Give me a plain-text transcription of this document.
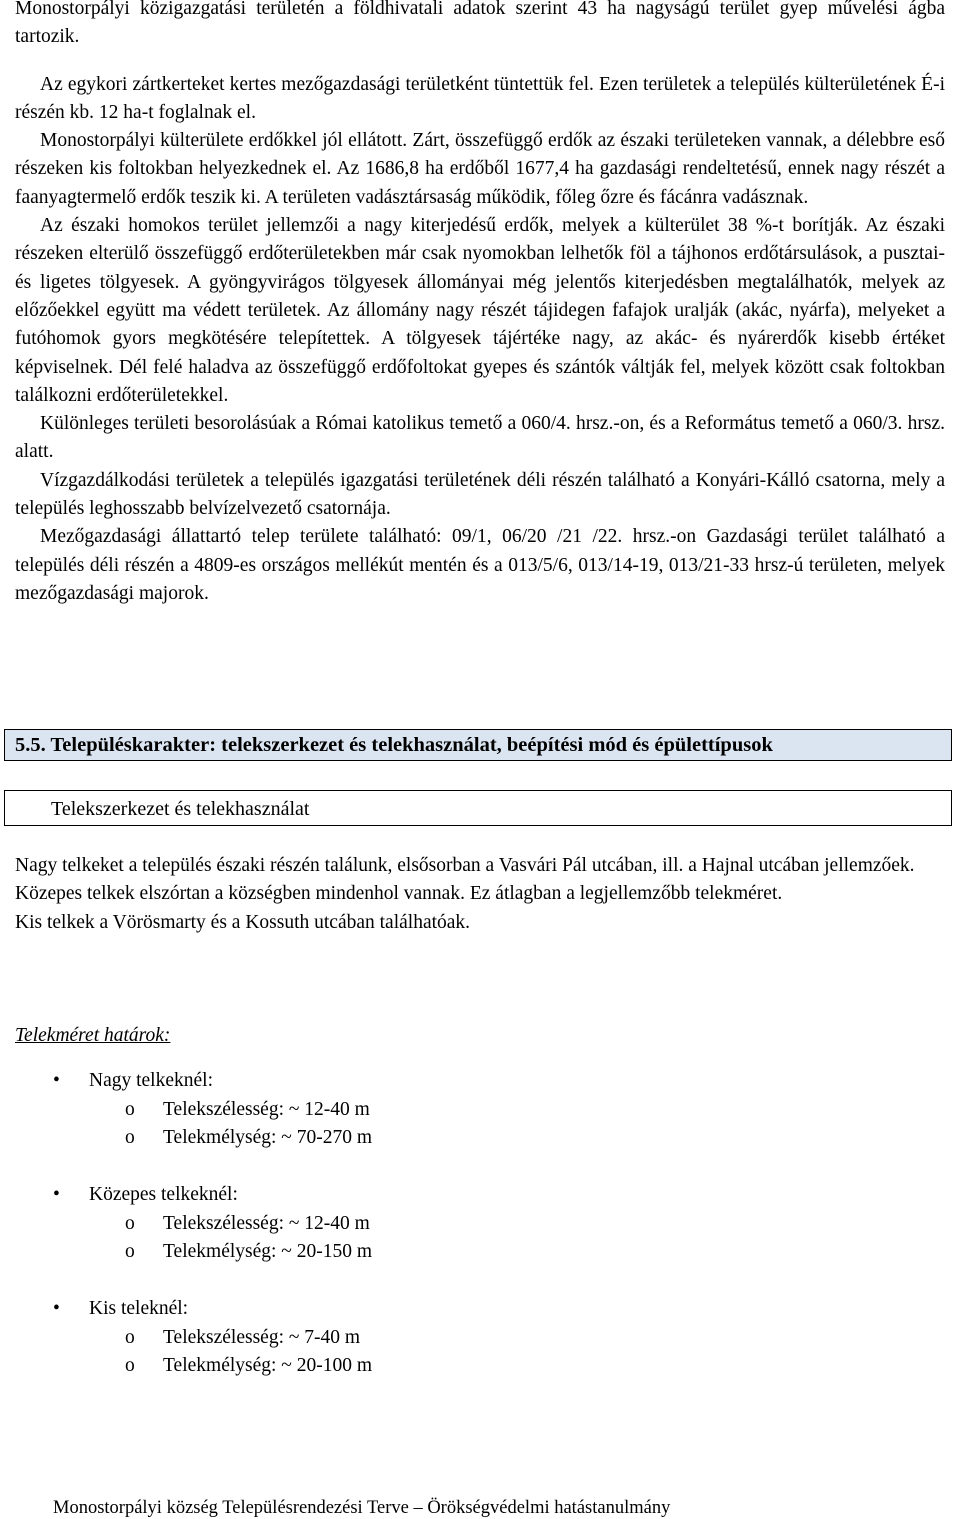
Monostorpályi közigazgatási területén a földhivatali adatok szerint 43 ha nagyságú terület gyep művelési ágba tartozik.

Az egykori zártkerteket kertes mezőgazdasági területként tüntettük fel. Ezen területek a település külterületének É-i részén kb. 12 ha-t foglalnak el.

Monostorpályi külterülete erdőkkel jól ellátott. Zárt, összefüggő erdők az északi területeken vannak, a délebbre eső részeken kis foltokban helyezkednek el. Az 1686,8 ha erdőből 1677,4 ha gazdasági rendeltetésű, ennek nagy részét a faanyagtermelő erdők teszik ki. A területen vadásztársaság működik, főleg őzre és fácánra vadásznak.

Az északi homokos terület jellemzői a nagy kiterjedésű erdők, melyek a külterület 38 %-t borítják. Az északi részeken elterülő összefüggő erdőterületekben már csak nyomokban lelhetők föl a tájhonos erdőtársulások, a pusztai- és ligetes tölgyesek. A gyöngyvirágos tölgyesek állományai még jelentős kiterjedésben megtalálhatók, melyek az előzőekkel együtt ma védett területek. Az állomány nagy részét tájidegen fafajok uralják (akác, nyárfa), melyeket a futóhomok gyors megkötésére telepítettek. A tölgyesek tájértéke nagy, az akác- és nyárerdők kisebb értéket képviselnek. Dél felé haladva az összefüggő erdőfoltokat gyepes és szántók váltják fel, melyek között csak foltokban találkozni erdőterületekkel.

Különleges területi besorolásúak a Római katolikus temető a 060/4. hrsz.-on, és a Református temető a 060/3. hrsz. alatt.

Vízgazdálkodási területek a település igazgatási területének déli részén található a Konyári-Kálló csatorna, mely a település leghosszabb belvízelvezető csatornája.

Mezőgazdasági állattartó telep területe található: 09/1, 06/20 /21 /22. hrsz.-on Gazdasági terület található a település déli részén a 4809-es országos mellékút mentén és a 013/5/6, 013/14-19, 013/21-33 hrsz-ú területen, melyek mezőgazdasági majorok.

5.5. Településkarakter: telekszerkezet és telekhasználat, beépítési mód és épülettípusok
Telekszerkezet és telekhasználat

Nagy telkeket a település északi részén találunk, elsősorban a Vasvári Pál utcában, ill. a Hajnal utcában jellemzőek.

Közepes telkek elszórtan a községben mindenhol vannak. Ez átlagban a legjellemzőbb telekméret.

Kis telkek a Vörösmarty és a Kossuth utcában találhatóak.

Telekméret határok:

• Nagy telkeknél:
o Telekszélesség: ~ 12-40 m
o Telekmélység: ~ 70-270 m
• Közepes telkeknél:
o Telekszélesség: ~ 12-40 m
o Telekmélység: ~ 20-150 m
• Kis teleknél:
o Telekszélesség: ~ 7-40 m
o Telekmélység: ~ 20-100 m
Monostorpályi község Településrendezési Terve – Örökségvédelmi hatástanulmány
